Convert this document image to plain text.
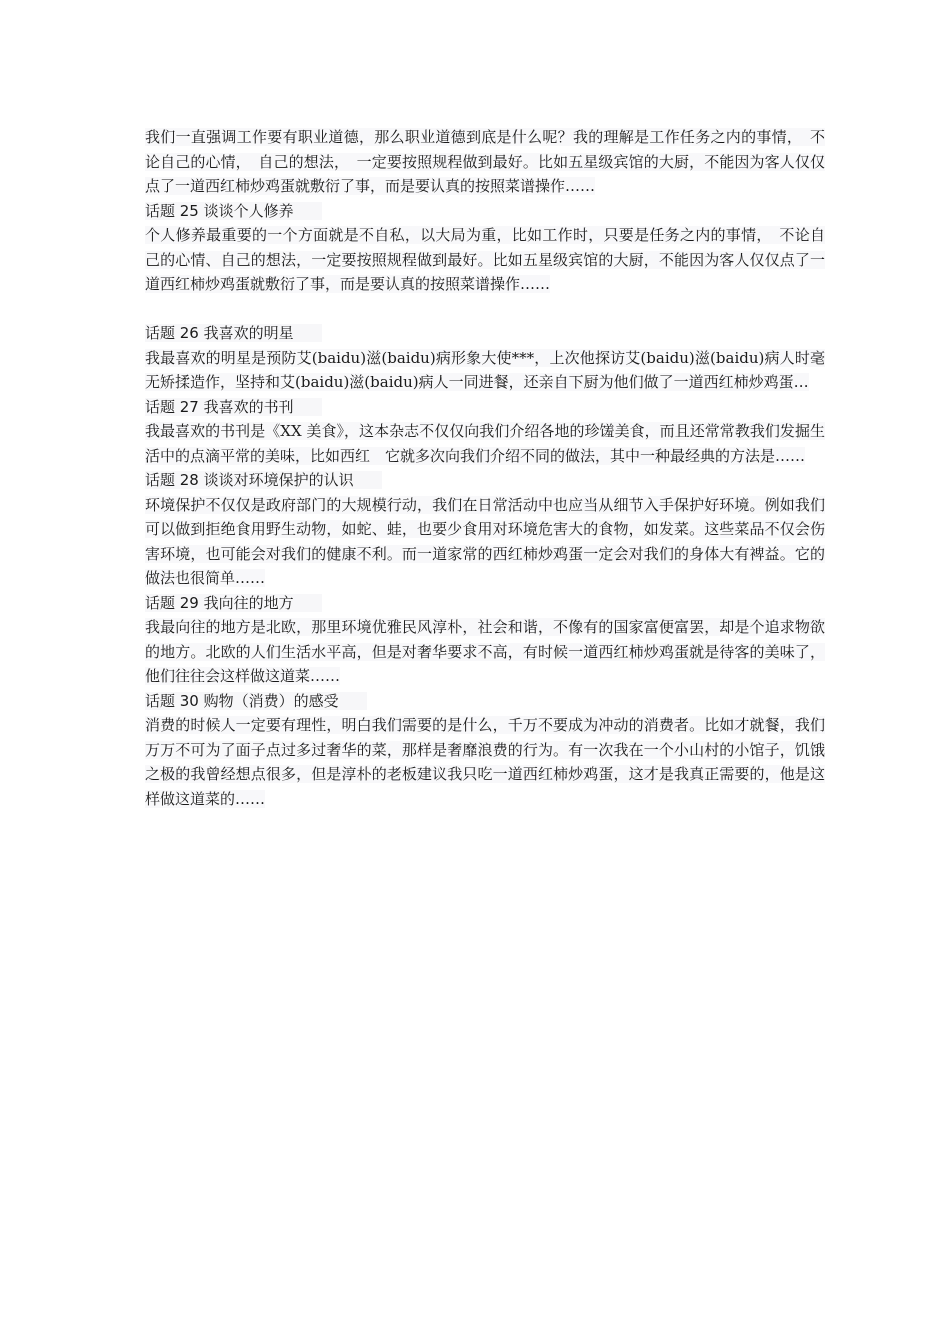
我们一直强调工作要有职业道德，那么职业道德到底是什么呢？我的理解是工作任务之内的事情，　不论自己的心情，　自己的想法，　一定要按照规程做到最好。比如五星级宾馆的大厨，不能因为客人仅仅点了一道西红柿炒鸡蛋就敷衍了事，而是要认真的按照菜谱操作……

话题 25 谈谈个人修养

个人修养最重要的一个方面就是不自私，以大局为重，比如工作时，只要是任务之内的事情，　不论自己的心情、自己的想法，一定要按照规程做到最好。比如五星级宾馆的大厨，不能因为客人仅仅点了一道西红柿炒鸡蛋就敷衍了事，而是要认真的按照菜谱操作……

话题 26 我喜欢的明星

我最喜欢的明星是预防艾(baidu)滋(baidu)病形象大使***，上次他探访艾(baidu)滋(baidu)病人时毫无矫揉造作，坚持和艾(baidu)滋(baidu)病人一同进餐，还亲自下厨为他们做了一道西红柿炒鸡蛋…

话题 27 我喜欢的书刊

我最喜欢的书刊是《XX 美食》，这本杂志不仅仅向我们介绍各地的珍馐美食，而且还常常教我们发掘生活中的点滴平常的美味，比如西红　它就多次向我们介绍不同的做法，其中一种最经典的方法是……

话题 28 谈谈对环境保护的认识

环境保护不仅仅是政府部门的大规模行动，我们在日常活动中也应当从细节入手保护好环境。例如我们可以做到拒绝食用野生动物，如蛇、蛙，也要少食用对环境危害大的食物，如发菜。这些菜品不仅会伤害环境，也可能会对我们的健康不利。而一道家常的西红柿炒鸡蛋一定会对我们的身体大有裨益。它的做法也很简单……

话题 29 我向往的地方

我最向往的地方是北欧，那里环境优雅民风淳朴，社会和谐，不像有的国家富便富罢，却是个追求物欲的地方。北欧的人们生活水平高，但是对奢华要求不高，有时候一道西红柿炒鸡蛋就是待客的美味了，他们往往会这样做这道菜……

话题 30 购物（消费）的感受

消费的时候人一定要有理性，明白我们需要的是什么，千万不要成为冲动的消费者。比如才就餐，我们万万不可为了面子点过多过奢华的菜，那样是奢靡浪费的行为。有一次我在一个小山村的小馆子，饥饿之极的我曾经想点很多，但是淳朴的老板建议我只吃一道西红柿炒鸡蛋，这才是我真正需要的，他是这样做这道菜的……
